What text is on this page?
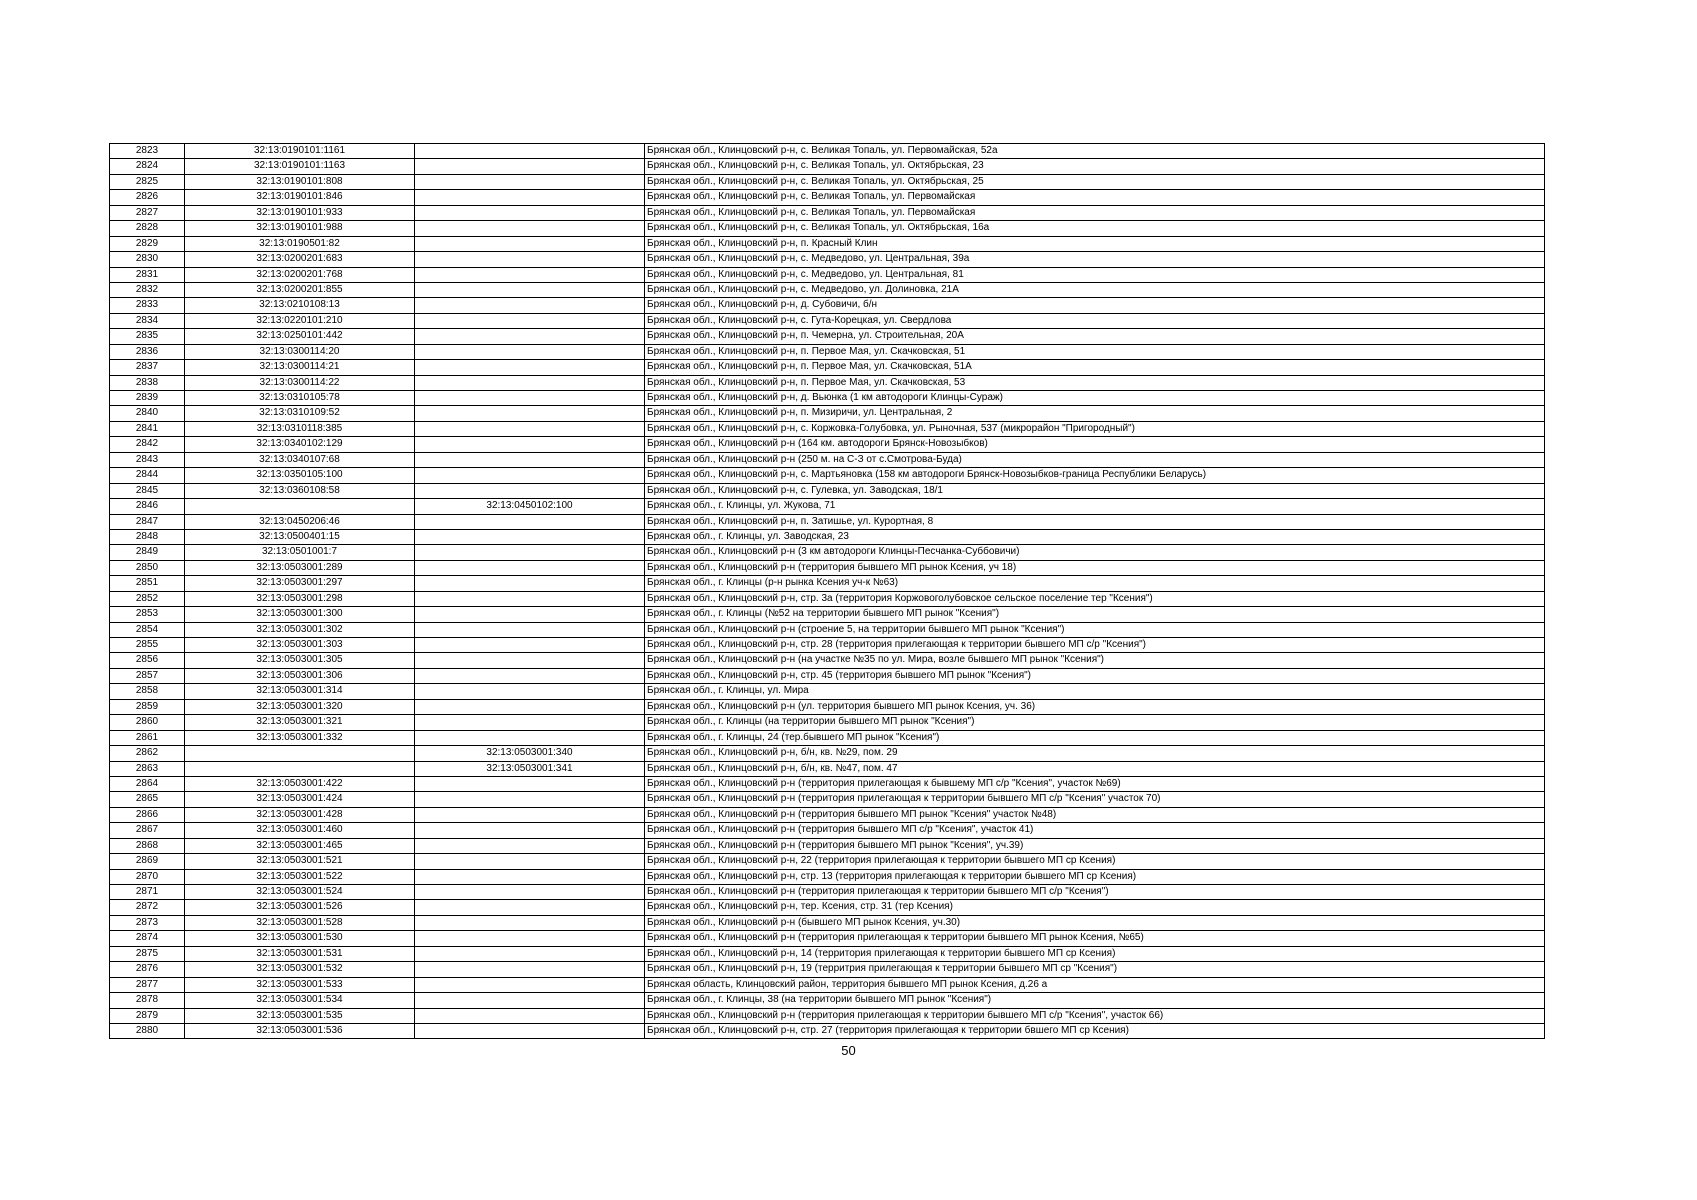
2823	32:13:0190101:1161		Брянская обл., Клинцовский р-н, с. Великая Топаль, ул. Первомайская, 52а
2824	32:13:0190101:1163		Брянская обл., Клинцовский р-н, с. Великая Топаль, ул. Октябрьская, 23
2825	32:13:0190101:808		Брянская обл., Клинцовский р-н, с. Великая Топаль, ул. Октябрьская, 25
2826	32:13:0190101:846		Брянская обл., Клинцовский р-н, с. Великая Топаль, ул. Первомайская
2827	32:13:0190101:933		Брянская обл., Клинцовский р-н, с. Великая Топаль, ул. Первомайская
2828	32:13:0190101:988		Брянская обл., Клинцовский р-н, с. Великая Топаль, ул. Октябрьская, 16а
2829	32:13:0190501:82		Брянская обл., Клинцовский р-н, п. Красный Клин
2830	32:13:0200201:683		Брянская обл., Клинцовский р-н, с. Медведово, ул. Центральная, 39а
2831	32:13:0200201:768		Брянская обл., Клинцовский р-н, с. Медведово, ул. Центральная, 81
2832	32:13:0200201:855		Брянская обл., Клинцовский р-н, с. Медведово, ул. Долиновка, 21А
2833	32:13:0210108:13		Брянская обл., Клинцовский р-н, д. Субовичи, б/н
2834	32:13:0220101:210		Брянская обл., Клинцовский р-н, с. Гута-Корецкая, ул. Свердлова
2835	32:13:0250101:442		Брянская обл., Клинцовский р-н, п. Чемерна, ул. Строительная, 20А
2836	32:13:0300114:20		Брянская обл., Клинцовский р-н, п. Первое Мая, ул. Скачковская, 51
2837	32:13:0300114:21		Брянская обл., Клинцовский р-н, п. Первое Мая, ул. Скачковская, 51А
2838	32:13:0300114:22		Брянская обл., Клинцовский р-н, п. Первое Мая, ул. Скачковская, 53
2839	32:13:0310105:78		Брянская обл., Клинцовский р-н, д. Вьюнка (1 км автодороги Клинцы-Сураж)
2840	32:13:0310109:52		Брянская обл., Клинцовский р-н, п. Мизиричи, ул. Центральная, 2
2841	32:13:0310118:385		Брянская обл., Клинцовский р-н, с. Коржовка-Голубовка, ул. Рыночная, 537 (микрорайон "Пригородный")
2842	32:13:0340102:129		Брянская обл., Клинцовский р-н (164 км. автодороги Брянск-Новозыбков)
2843	32:13:0340107:68		Брянская обл., Клинцовский р-н (250 м. на С-З от с.Смотрова-Буда)
2844	32:13:0350105:100		Брянская обл., Клинцовский р-н, с. Мартьяновка (158 км автодороги Брянск-Новозыбков-граница Республики Беларусь)
2845	32:13:0360108:58		Брянская обл., Клинцовский р-н, с. Гулевка, ул. Заводская, 18/1
2846		32:13:0450102:100	Брянская обл., г. Клинцы, ул. Жукова, 71
2847	32:13:0450206:46		Брянская обл., Клинцовский р-н, п. Затишье, ул. Курортная, 8
2848	32:13:0500401:15		Брянская обл., г. Клинцы, ул. Заводская, 23
2849	32:13:0501001:7		Брянская обл., Клинцовский р-н (3 км автодороги Клинцы-Песчанка-Суббовичи)
2850	32:13:0503001:289		Брянская обл., Клинцовский р-н (территория бывшего МП рынок Ксения, уч 18)
2851	32:13:0503001:297		Брянская обл., г. Клинцы (р-н рынка Ксения уч-к №63)
2852	32:13:0503001:298		Брянская обл., Клинцовский р-н, стр. 3а (территория Коржовоголубовское сельское поселение тер "Ксения")
2853	32:13:0503001:300		Брянская обл., г. Клинцы (№52 на территории бывшего МП рынок "Ксения")
2854	32:13:0503001:302		Брянская обл., Клинцовский р-н (строение 5, на территории бывшего МП рынок "Ксения")
2855	32:13:0503001:303		Брянская обл., Клинцовский р-н, стр. 28 (территория прилегающая к территории бывшего МП с/р "Ксения")
2856	32:13:0503001:305		Брянская обл., Клинцовский р-н (на участке №35 по ул. Мира, возле бывшего МП рынок "Ксения")
2857	32:13:0503001:306		Брянская обл., Клинцовский р-н, стр. 45 (территория бывшего МП рынок "Ксения")
2858	32:13:0503001:314		Брянская обл., г. Клинцы, ул. Мира
2859	32:13:0503001:320		Брянская обл., Клинцовский р-н (ул. территория бывшего МП рынок Ксения, уч. 36)
2860	32:13:0503001:321		Брянская обл., г. Клинцы (на территории бывшего МП рынок "Ксения")
2861	32:13:0503001:332		Брянская обл., г. Клинцы, 24 (тер.бывшего МП рынок "Ксения")
2862		32:13:0503001:340	Брянская обл., Клинцовский р-н, б/н, кв. №29, пом. 29
2863		32:13:0503001:341	Брянская обл., Клинцовский р-н, б/н, кв. №47, пом. 47
2864	32:13:0503001:422		Брянская обл., Клинцовский р-н (территория прилегающая к бывшему МП с/р "Ксения", участок №69)
2865	32:13:0503001:424		Брянская обл., Клинцовский р-н (территория прилегающая к территории бывшего МП с/р "Ксения" участок 70)
2866	32:13:0503001:428		Брянская обл., Клинцовский р-н (территория бывшего МП рынок "Ксения" участок №48)
2867	32:13:0503001:460		Брянская обл., Клинцовский р-н (территория бывшего МП с/р "Ксения", участок 41)
2868	32:13:0503001:465		Брянская обл., Клинцовский р-н (территория бывшего МП рынок "Ксения", уч.39)
2869	32:13:0503001:521		Брянская обл., Клинцовский р-н, 22 (территория прилегающая к территории бывшего МП ср Ксения)
2870	32:13:0503001:522		Брянская обл., Клинцовский р-н, стр. 13 (территория прилегающая к территории бывшего МП ср Ксения)
2871	32:13:0503001:524		Брянская обл., Клинцовский р-н (территория прилегающая к территории бывшего МП с/р "Ксения")
2872	32:13:0503001:526		Брянская обл., Клинцовский р-н, тер. Ксения, стр. 31 (тер Ксения)
2873	32:13:0503001:528		Брянская обл., Клинцовский р-н (бывшего МП рынок Ксения, уч.30)
2874	32:13:0503001:530		Брянская обл., Клинцовский р-н (территория прилегающая к территории бывшего МП рынок Ксения, №65)
2875	32:13:0503001:531		Брянская обл., Клинцовский р-н, 14 (территория прилегающая к территории бывшего МП ср Ксения)
2876	32:13:0503001:532		Брянская обл., Клинцовский р-н, 19 (территрия прилегающая к территории бывшего МП ср "Ксения")
2877	32:13:0503001:533		Брянская область, Клинцовский район, территория бывшего МП рынок Ксения, д.26 а
2878	32:13:0503001:534		Брянская обл., г. Клинцы, 38 (на территории бывшего МП рынок "Ксения")
2879	32:13:0503001:535		Брянская обл., Клинцовский р-н (территория прилегающая к территории бывшего МП с/р "Ксения", участок 66)
2880	32:13:0503001:536		Брянская обл., Клинцовский р-н, стр. 27 (территория прилегающая к территории бвшего МП ср Ксения)
50
